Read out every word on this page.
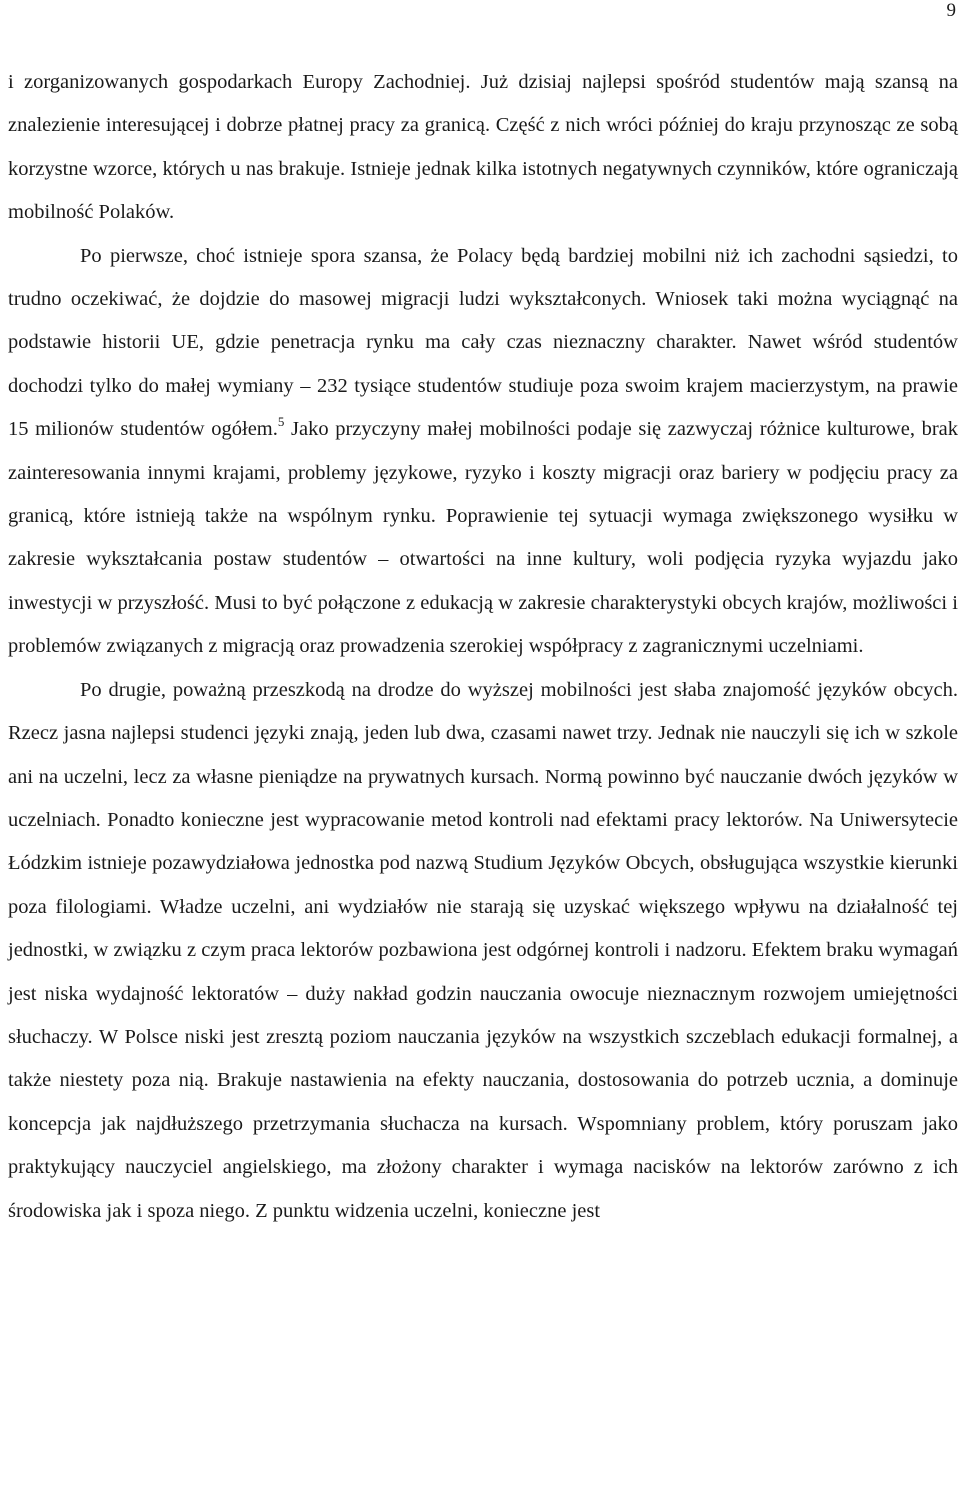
9

i zorganizowanych gospodarkach Europy Zachodniej. Już dzisiaj najlepsi spośród studentów mają szansą na znalezienie interesującej i dobrze płatnej pracy za granicą. Część z nich wróci później do kraju przynosząc ze sobą korzystne wzorce, których u nas brakuje. Istnieje jednak kilka istotnych negatywnych czynników, które ograniczają mobilność Polaków.

Po pierwsze, choć istnieje spora szansa, że Polacy będą bardziej mobilni niż ich zachodni sąsiedzi, to trudno oczekiwać, że dojdzie do masowej migracji ludzi wykształconych. Wniosek taki można wyciągnąć na podstawie historii UE, gdzie penetracja rynku ma cały czas nieznaczny charakter. Nawet wśród studentów dochodzi tylko do małej wymiany – 232 tysiące studentów studiuje poza swoim krajem macierzystym, na prawie 15 milionów studentów ogółem.$^5$ Jako przyczyny małej mobilności podaje się zazwyczaj różnice kulturowe, brak zainteresowania innymi krajami, problemy językowe, ryzyko i koszty migracji oraz bariery w podjęciu pracy za granicą, które istnieją także na wspólnym rynku. Poprawienie tej sytuacji wymaga zwiększonego wysiłku w zakresie wykształcania postaw studentów – otwartości na inne kultury, woli podjęcia ryzyka wyjazdu jako inwestycji w przyszłość. Musi to być połączone z edukacją w zakresie charakterystyki obcych krajów, możliwości i problemów związanych z migracją oraz prowadzenia szerokiej współpracy z zagranicznymi uczelniami.

Po drugie, poważną przeszkodą na drodze do wyższej mobilności jest słaba znajomość języków obcych. Rzecz jasna najlepsi studenci języki znają, jeden lub dwa, czasami nawet trzy. Jednak nie nauczyli się ich w szkole ani na uczelni, lecz za własne pieniądze na prywatnych kursach. Normą powinno być nauczanie dwóch języków w uczelniach. Ponadto konieczne jest wypracowanie metod kontroli nad efektami pracy lektorów. Na Uniwersytecie Łódzkim istnieje pozawydziałowa jednostka pod nazwą Studium Języków Obcych, obsługująca wszystkie kierunki poza filologiami. Władze uczelni, ani wydziałów nie starają się uzyskać większego wpływu na działalność tej jednostki, w związku z czym praca lektorów pozbawiona jest odgórnej kontroli i nadzoru. Efektem braku wymagań jest niska wydajność lektoratów – duży nakład godzin nauczania owocuje nieznacznym rozwojem umiejętności słuchaczy. W Polsce niski jest zresztą poziom nauczania języków na wszystkich szczeblach edukacji formalnej, a także niestety poza nią. Brakuje nastawienia na efekty nauczania, dostosowania do potrzeb ucznia, a dominuje koncepcja jak najdłuższego przetrzymania słuchacza na kursach. Wspomniany problem, który poruszam jako praktykujący nauczyciel angielskiego, ma złożony charakter i wymaga nacisków na lektorów zarówno z ich środowiska jak i spoza niego. Z punktu widzenia uczelni, konieczne jest
